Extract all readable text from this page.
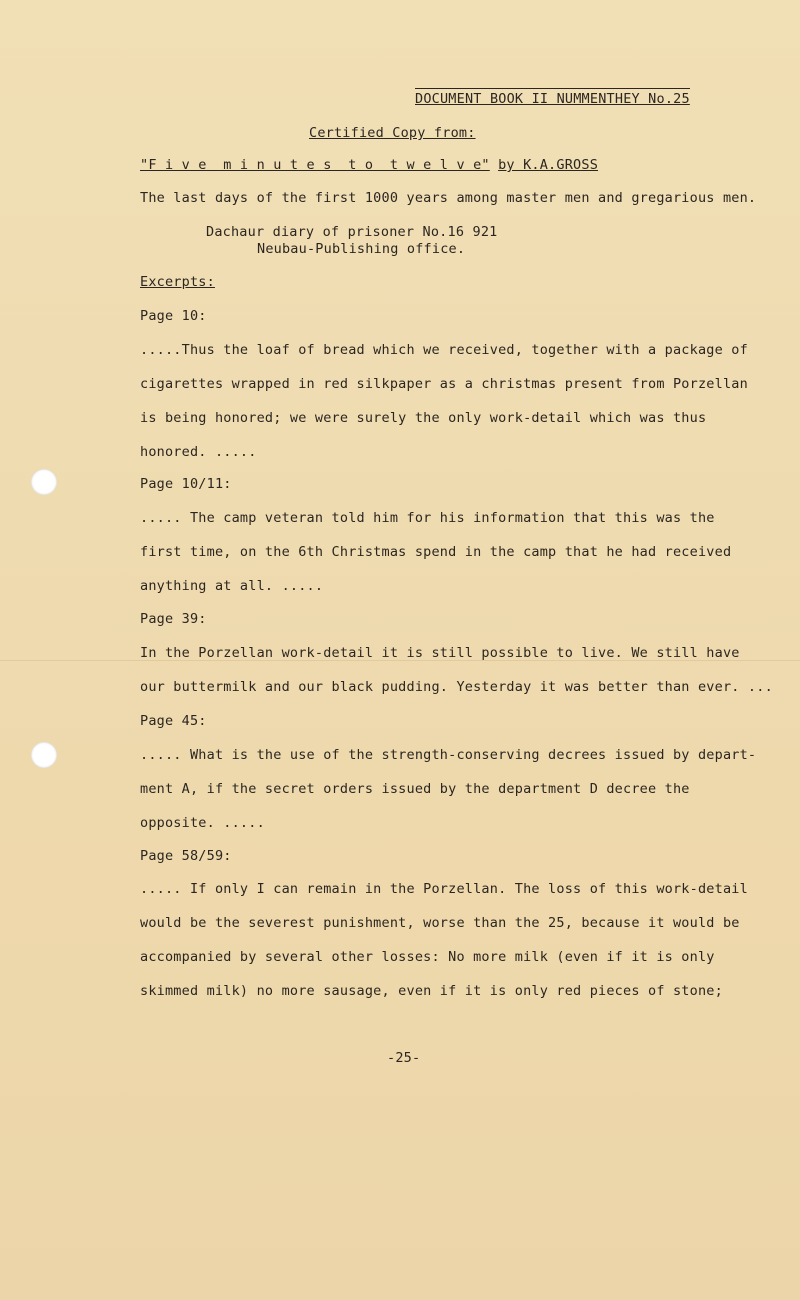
DOCUMENT BOOK II NUMMENTHEY No.25
Certified Copy from:
"F i v e  m i n u t e s  t o  t w e l v e" by K.A.GROSS
The last days of the first 1000 years among master men and gregarious men.
Dachaur diary of prisoner No.16 921
Neubau-Publishing office.
Excerpts:
Page 10:
.....Thus the loaf of bread which we received, together with a package of
cigarettes wrapped in red silkpaper as a christmas present from Porzellan
is being honored; we were surely the only work-detail which was thus
honored. .....
Page 10/11:
..... The camp veteran told him for his information that this was the
first time, on the 6th Christmas spend in the camp that he had received
anything at all. .....
Page 39:
In the Porzellan work-detail it is still possible to live. We still have
our buttermilk and our black pudding. Yesterday it was better than ever. ...
Page 45:
..... What is the use of the strength-conserving decrees issued by depart-
ment A, if the secret orders issued by the department D decree the
opposite. .....
Page 58/59:
..... If only I can remain in the Porzellan. The loss of this work-detail
would be the severest punishment, worse than the 25, because it would be
accompanied by several other losses: No more milk (even if it is only
skimmed milk) no more sausage, even if it is only red pieces of stone;
-25-
